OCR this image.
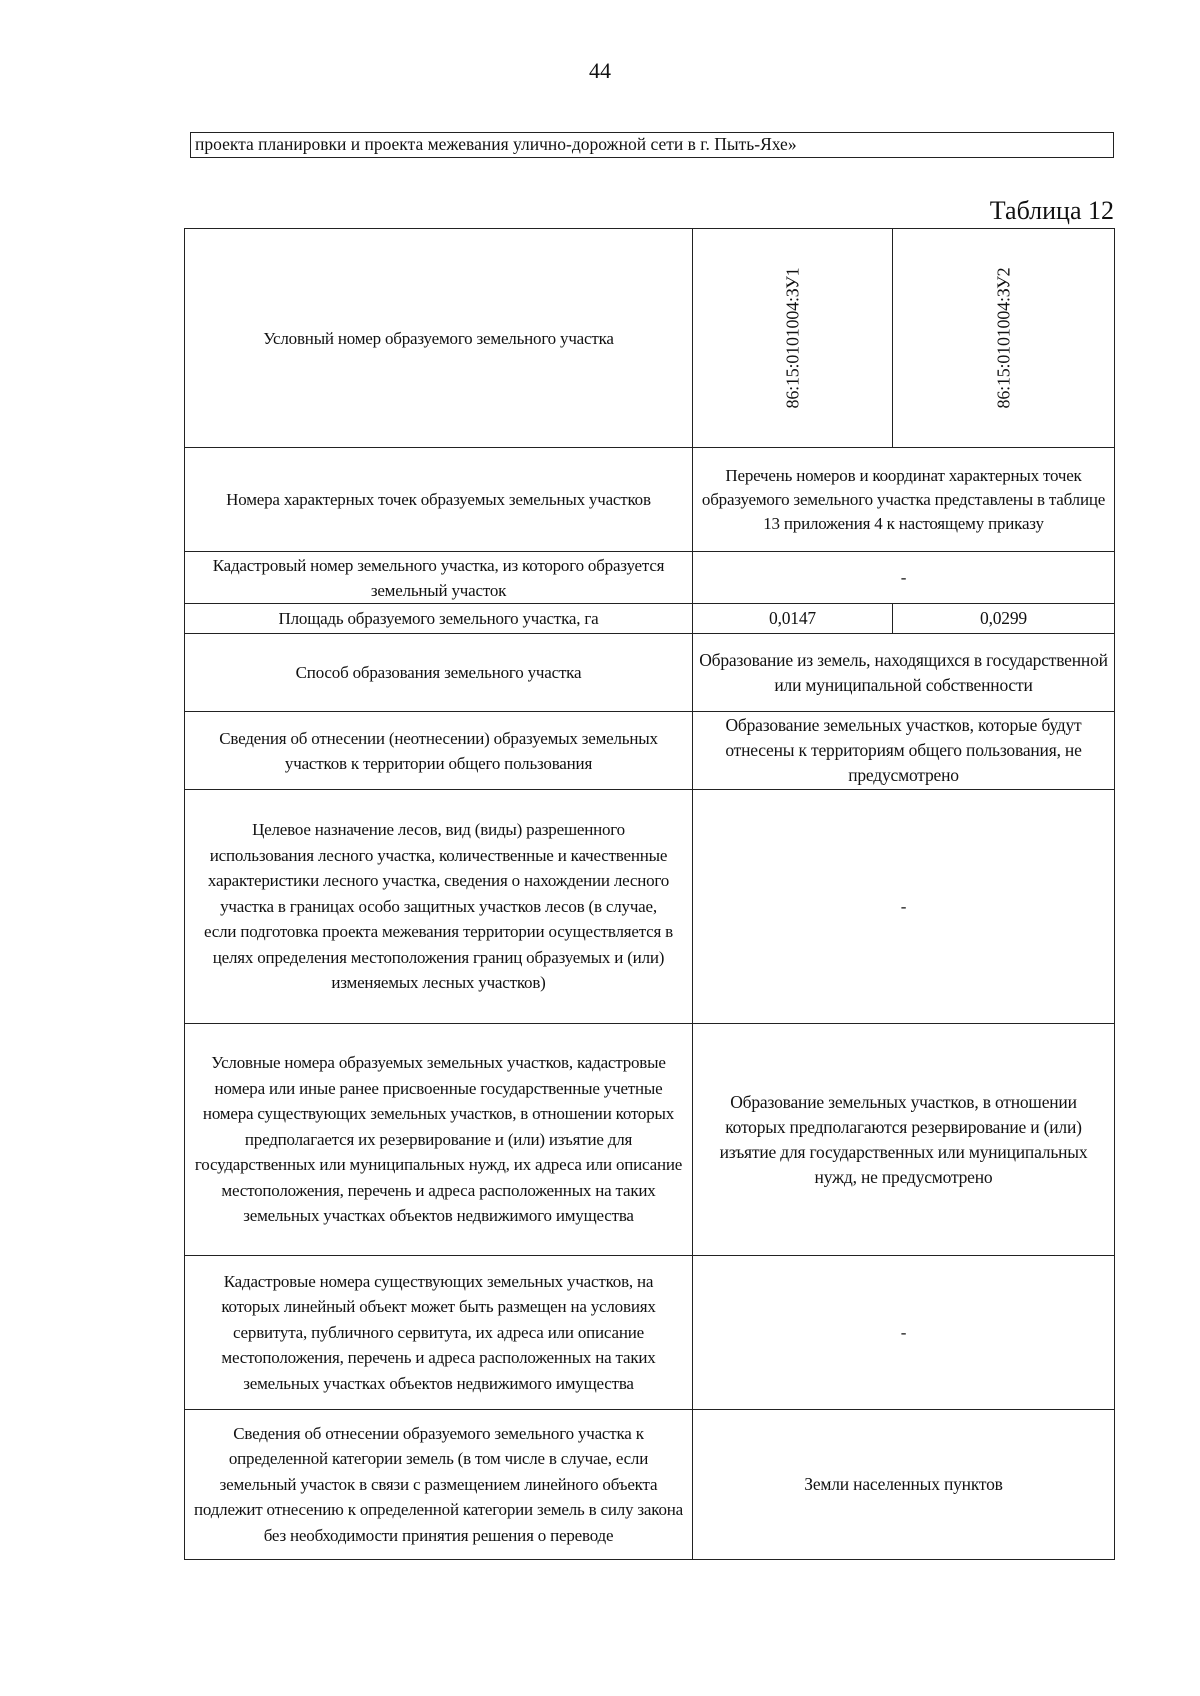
44
проекта планировки и проекта межевания улично-дорожной сети в г. Пыть-Яхе»
Таблица 12
Условный номер образуемого земельного участка	86:15:0101004:ЗУ1	86:15:0101004:ЗУ2

Номера характерных точек образуемых земельных участков	Перечень номеров и координат характерных точек образуемого земельного участка представлены в таблице 13 приложения 4 к настоящему приказу	
Кадастровый номер земельного участка, из которого образуется земельный участок	-	
Площадь образуемого земельного участка, га	0,0147	0,0299
Способ образования земельного участка	Образование из земель, находящихся в государственной или муниципальной собственности	
Сведения об отнесении (неотнесении) образуемых земельных участков к территории общего пользования	Образование земельных участков, которые будут отнесены к территориям общего пользования, не предусмотрено	
Целевое назначение лесов, вид (виды) разрешенного использования лесного участка, количественные и качественные характеристики лесного участка, сведения о нахождении лесного участка в границах особо защитных участков лесов (в случае, если подготовка проекта межевания территории осуществляется в целях определения местоположения границ образуемых и (или) изменяемых лесных участков)	-	
Условные номера образуемых земельных участков, кадастровые номера или иные ранее присвоенные государственные учетные номера существующих земельных участков, в отношении которых предполагается их резервирование и (или) изъятие для государственных или муниципальных нужд, их адреса или описание местоположения, перечень и адреса расположенных на таких земельных участках объектов недвижимого имущества	Образование земельных участков, в отношении которых предполагаются резервирование и (или) изъятие для государственных или муниципальных нужд, не предусмотрено	
Кадастровые номера существующих земельных участков, на которых линейный объект может быть размещен на условиях сервитута, публичного сервитута, их адреса или описание местоположения, перечень и адреса расположенных на таких земельных участках объектов недвижимого имущества	-	
Сведения об отнесении образуемого земельного участка к определенной категории земель (в том числе в случае, если земельный участок в связи с размещением линейного объекта подлежит отнесению к определенной категории земель в силу закона без необходимости принятия решения о переводе	Земли населенных пунктов	
